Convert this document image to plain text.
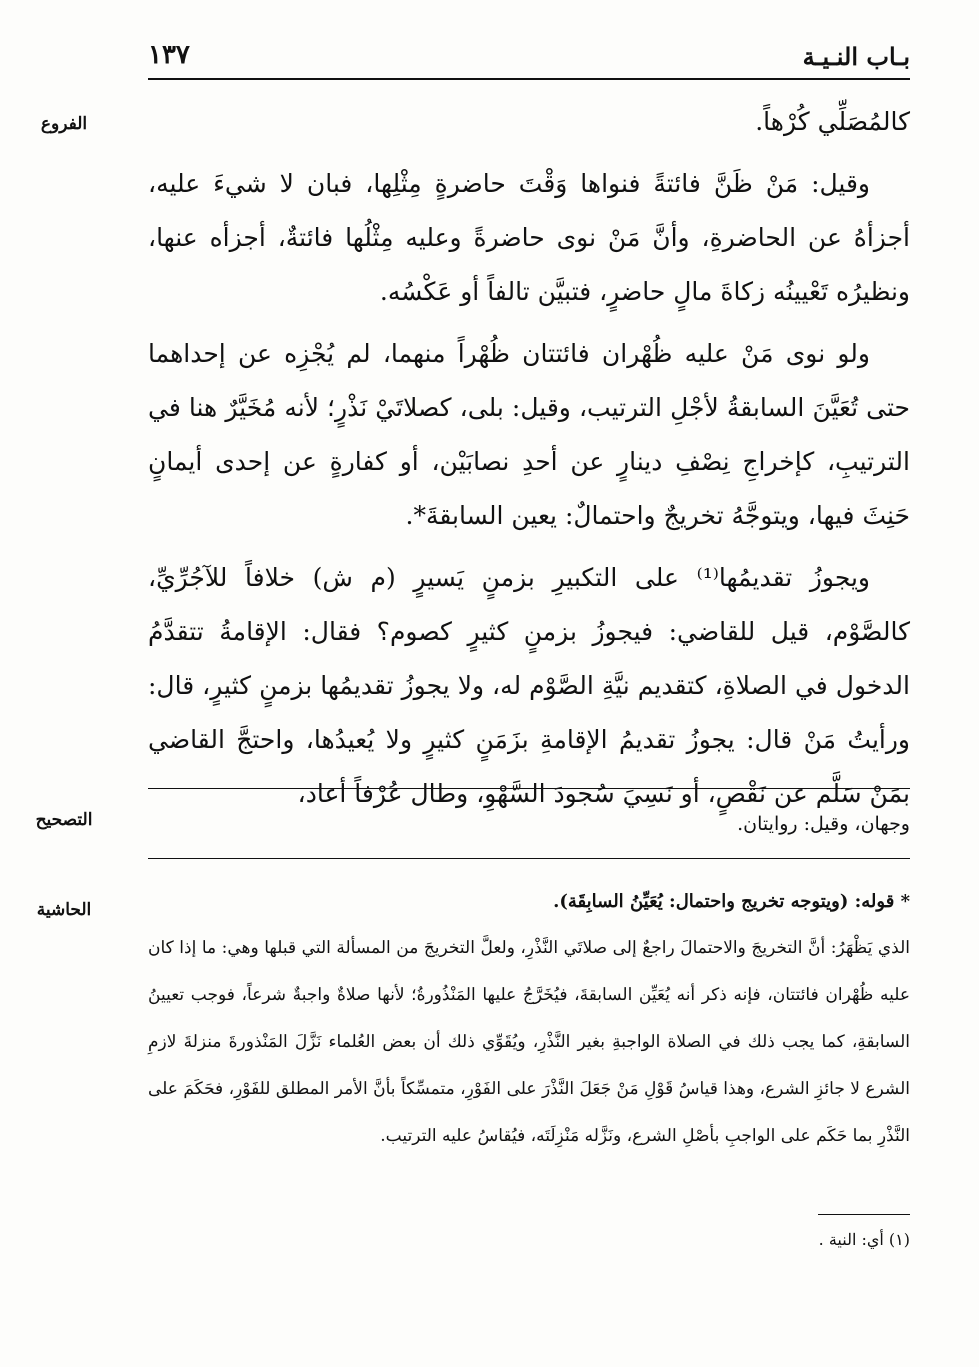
بـاب النـيـة
١٣٧
الفروع
التصحيح
الحاشية

كالمُصَلِّي كُرْهاً.

وقيل: مَنْ ظَنَّ فائتةً فنواها وَقْتَ حاضرةٍ مِثْلِها، فبان لا شيءَ عليه، أجزأهُ عن الحاضرةِ، وأنَّ مَنْ نوى حاضرةً وعليه مِثْلُها فائتةٌ، أجزأه عنها، ونظيرُه تَعْيينُه زكاةَ مالٍ حاضرٍ، فتبيَّن تالفاً أو عَكْسُه.

ولو نوى مَنْ عليه ظُهْران فائتتان ظُهْراً منهما، لم يُجْزِه عن إحداهما حتى تُعَيَّنَ السابقةُ لأجْلِ الترتيب، وقيل: بلى، كصلاتَيْ نَذْرٍ؛ لأنه مُخَيَّرٌ هنا في الترتيبِ، كإخراجِ نِصْفِ دينارٍ عن أحدِ نصابَيْن، أو كفارةٍ عن إحدى أيمانٍ حَنِثَ فيها، ويتوجَّهُ تخريجٌ واحتمالٌ: يعين السابقةَ*.

ويجوزُ تقديمُها⁽¹⁾ على التكبيرِ بزمنٍ يَسيرٍ (م ش) خلافاً للآجُرِّيِّ، كالصَّوْم، قيل للقاضي: فيجوزُ بزمنٍ كثيرٍ كصوم؟ فقال: الإقامةُ تتقدَّمُ الدخول في الصلاةِ، كتقديم نيَّةِ الصَّوْم له، ولا يجوزُ تقديمُها بزمنٍ كثيرٍ، قال: ورأيتُ مَنْ قال: يجوزُ تقديمُ الإقامةِ بزَمَنٍ كثيرٍ ولا يُعيدُها، واحتجَّ القاضي بمَنْ سَلَّم عن نَقْصٍ، أو نَسِيَ سُجودَ السَّهْوِ، وطال عُرْفاً أعاد،

وجهان، وقيل: روايتان.

* قوله: (ويتوجه تخريج واحتمال: يُعَيِّنُ السابِقَة).

الذي يَظْهَرُ: أنَّ التخريجَ والاحتمالَ راجعٌ إلى صلاتَي النَّذْرِ، ولعلَّ التخريجَ من المسألة التي قبلها وهي: ما إذا كان عليه ظُهْران فائتتان، فإنه ذكر أنه يُعَيِّن السابقةَ، فيُخَرَّجُ عليها المَنْذُورةُ؛ لأنها صلاةٌ واجبةٌ شرعاً، فوجب تعيينُ السابقةِ، كما يجب ذلك في الصلاة الواجبةِ بغير النَّذْرِ، ويُقَوِّي ذلك أن بعض العُلماء نَزَّلَ المَنْذورةَ منزلةَ لازمِ الشرع لا جائزِ الشرع، وهذا قياسُ قَوْلِ مَنْ جَعَلَ النَّذْرَ على الفَوْرِ، متمسِّكاً بأنَّ الأمر المطلق للفَوْرِ، فحَكَمَ على النَّذْرِ بما حَكَم على الواجبِ بأصْلِ الشرع، ونَزَّله مَنْزِلَتَه، فيُقاسُ عليه الترتيب.

(١) أي: النية .
